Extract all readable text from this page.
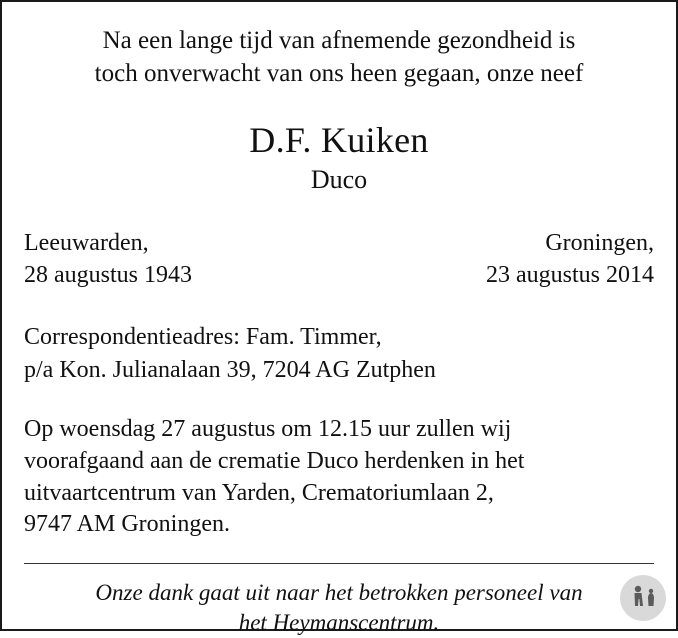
Na een lange tijd van afnemende gezondheid is
toch onverwacht van ons heen gegaan, onze neef
D.F. Kuiken
Duco
Leeuwarden,	Groningen,
28 augustus 1943	23 augustus 2014
Correspondentieadres: Fam. Timmer,
p/a Kon. Julianalaan 39, 7204 AG Zutphen
Op woensdag 27 augustus om 12.15 uur zullen wij
voorafgaand aan de crematie Duco herdenken in het
uitvaartcentrum van Yarden, Crematoriumlaan 2,
9747 AM Groningen.
Onze dank gaat uit naar het betrokken personeel van
het Heymanscentrum.
